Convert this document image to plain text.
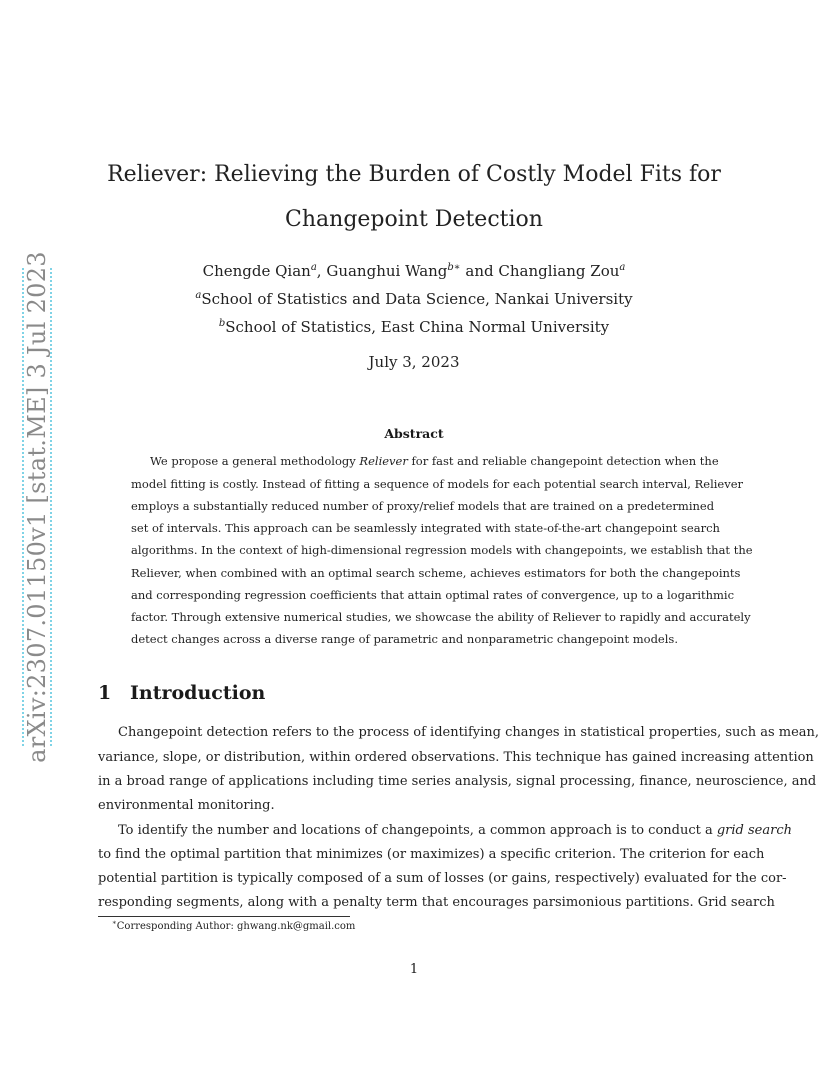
arXiv:2307.01150v1 [stat.ME] 3 Jul 2023
Reliever: Relieving the Burden of Costly Model Fits for
Changepoint Detection
Chengde Qian$^a$, Guanghui Wang$^{b∗}$ and Changliang Zou$^a$
$^a$School of Statistics and Data Science, Nankai University
$^b$School of Statistics, East China Normal University
July 3, 2023
Abstract
We propose a general methodology Reliever for fast and reliable changepoint detection when the
model fitting is costly. Instead of fitting a sequence of models for each potential search interval, Reliever
employs a substantially reduced number of proxy/relief models that are trained on a predetermined
set of intervals. This approach can be seamlessly integrated with state-of-the-art changepoint search
algorithms. In the context of high-dimensional regression models with changepoints, we establish that the
Reliever, when combined with an optimal search scheme, achieves estimators for both the changepoints
and corresponding regression coefficients that attain optimal rates of convergence, up to a logarithmic
factor. Through extensive numerical studies, we showcase the ability of Reliever to rapidly and accurately
detect changes across a diverse range of parametric and nonparametric changepoint models.
1 Introduction
Changepoint detection refers to the process of identifying changes in statistical properties, such as mean,
variance, slope, or distribution, within ordered observations. This technique has gained increasing attention
in a broad range of applications including time series analysis, signal processing, finance, neuroscience, and
environmental monitoring.
To identify the number and locations of changepoints, a common approach is to conduct a grid search
to find the optimal partition that minimizes (or maximizes) a specific criterion. The criterion for each
potential partition is typically composed of a sum of losses (or gains, respectively) evaluated for the cor-
responding segments, along with a penalty term that encourages parsimonious partitions. Grid search
∗Corresponding Author: ghwang.nk@gmail.com
1
